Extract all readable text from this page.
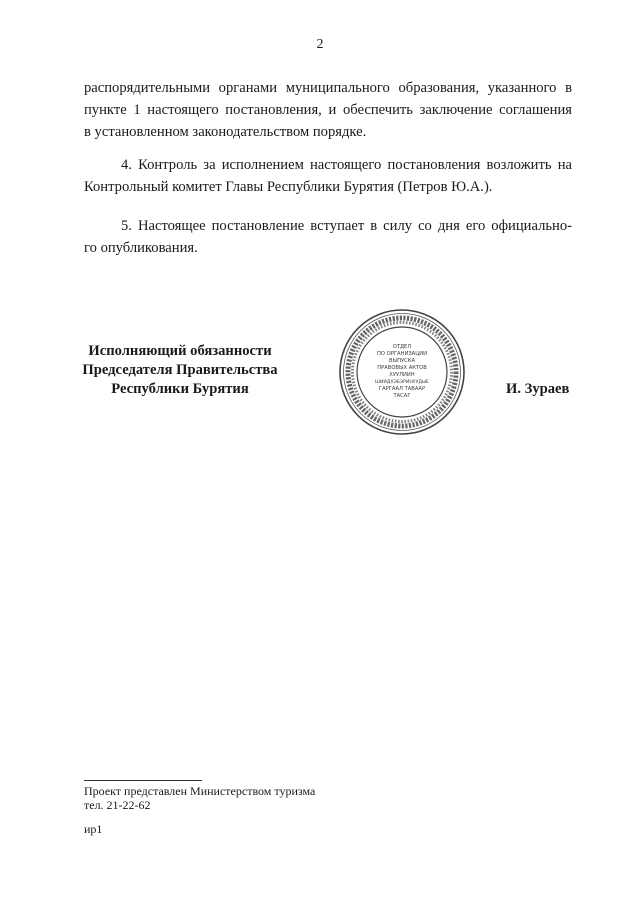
2
распорядительными органами муниципального образования, указанного в
пункте 1 настоящего постановления, и обеспечить заключение соглашения
в установленном законодательством порядке.
4. Контроль за исполнением настоящего постановления возложить на
Контрольный комитет Главы Республики Бурятия (Петров Ю.А.).
5. Настоящее постановление вступает в силу со дня его официально-
го опубликования.
Исполняющий обязанности
Председателя Правительства
Республики Бурятия
ОТДЕЛ
ПО ОРГАНИЗАЦИИ
ВЫПУСКА
ПРАВОВЫХ АКТОВ
ХУУЛИИН
ШИИДХЭБЭРИНУУДЫЕ
ГАРГААЛ ТАВААР
ТАСАГ	И. Зураев
Проект представлен Министерством туризма
тел. 21-22-62
ир1
